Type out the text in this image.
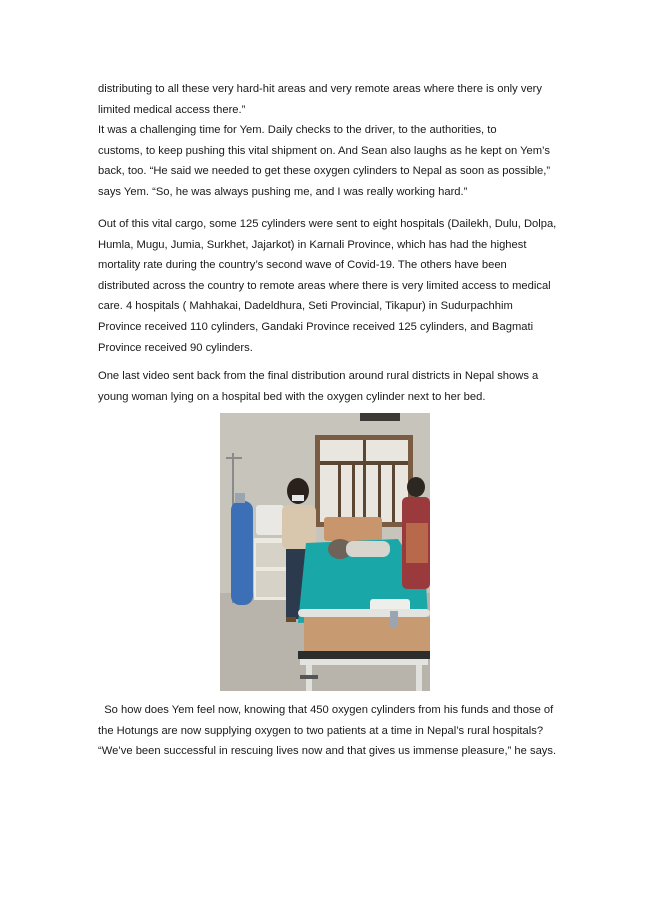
distributing to all these very hard-hit areas and very remote areas where there is only very
limited medical access there.”
It was a challenging time for Yem. Daily checks to the driver, to the authorities, to
customs, to keep pushing this vital shipment on. And Sean also laughs as he kept on Yem’s
back, too. “He said we needed to get these oxygen cylinders to Nepal as soon as possible,”
says Yem. “So, he was always pushing me, and I was really working hard.”

Out of this vital cargo, some 125 cylinders were sent to eight hospitals (Dailekh, Dulu, Dolpa,
Humla, Mugu, Jumia, Surkhet, Jajarkot) in Karnali Province, which has had the highest
mortality rate during the country’s second wave of Covid-19. The others have been
distributed across the country to remote areas where there is very limited access to medical
care. 4 hospitals ( Mahhakai, Dadeldhura, Seti Provincial, Tikapur) in Sudurpachhim
Province received 110 cylinders, Gandaki Province received 125 cylinders, and Bagmati
Province received 90 cylinders.

One last video sent back from the final distribution around rural districts in Nepal shows a
young woman lying on a hospital bed with the oxygen cylinder next to her bed.

So how does Yem feel now, knowing that 450 oxygen cylinders from his funds and those of
the Hotungs are now supplying oxygen to two patients at a time in Nepal’s rural hospitals?
“We’ve been successful in rescuing lives now and that gives us immense pleasure,” he says.
